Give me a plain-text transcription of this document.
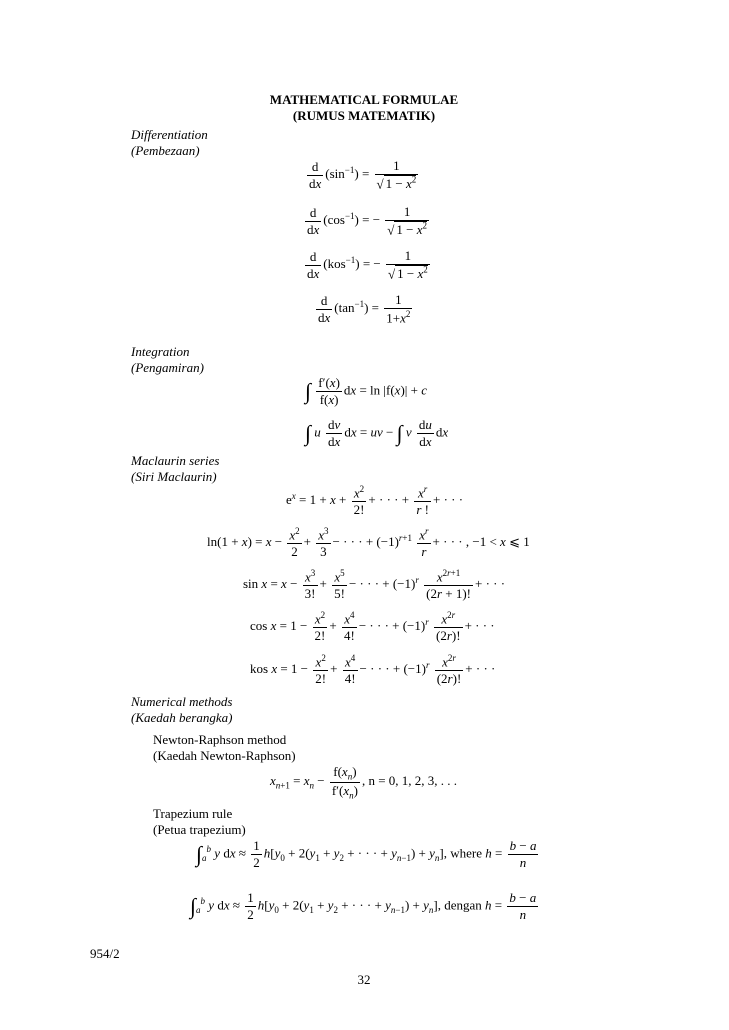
MATHEMATICAL FORMULAE
(RUMUS MATEMATIK)
Differentiation
(Pembezaan)
$\frac{d}{dx} (\sin^{-1}) = \frac{1}{√ 1 - x^2}$
$\frac{d}{dx} (\cos^{-1})$ = − $\frac{1}{√ 1 - x^2}$
$\frac{d}{dx} (kos^{-1})$ = − $\frac{1}{√ 1 - x^2}$
$\frac{d}{dx} (\tan^{-1}) = \frac{1}{1+x^2}$
Integration
(Pengamiran)
∫ $\frac{f'(x)}{f(x)}$ dx = ln |f(x)| + c
∫ u $\frac{dv}{dx}$ dx = uv − ∫ v $\frac{du}{dx}$ dx
Maclaurin series
(Siri Maclaurin)
$e^x = 1 + x + \frac{x^2}{2!}$ + · · · + $\frac{x^r}{r !}$ + · · ·
$\ln(1 + x) = x - \frac{x^2}{2} + \frac{x^3}{3}$ − · · · + $(-1)^{r+1} \frac{x^r}{r}$ + · · · , −1 < x ⩽ 1
$\sin x = x - \frac{x^3}{3!} + \frac{x^5}{5!}$ − · · · + $(-1)^r \frac{x^{2r+1}}{(2r + 1)!}$ + · · ·
$\cos x = 1 - \frac{x^2}{2!} + \frac{x^4}{4!}$ − · · · + $(-1)^r \frac{x^{2r}}{(2r)!}$ + · · ·
kos $x = 1 - \frac{x^2}{2!} + \frac{x^4}{4!}$ − · · · + $(-1)^r \frac{x^{2r}}{(2r)!}$ + · · ·
Numerical methods
(Kaedah berangka)
Newton-Raphson method
(Kaedah Newton-Raphson)
$x_{n+1} = x_n - \frac{f(x_n)}{f'(x_n)}$ , n = 0, 1, 2, 3, . . .
Trapezium rule
(Petua trapezium)
$\int_a^b$ y dx ≈ $\frac{1}{2} h[y_0 + 2(y_1 + y_2$ + · · · + $y_{n-1}) + y_n$], where $h = \frac{b - a}{n}$
$\int_a^b$ y dx ≈ $\frac{1}{2} h[y_0 + 2(y_1 + y_2$ + · · · + $y_{n-1}) + y_n$], dengan $h = \frac{b - a}{n}$
954/2
32
